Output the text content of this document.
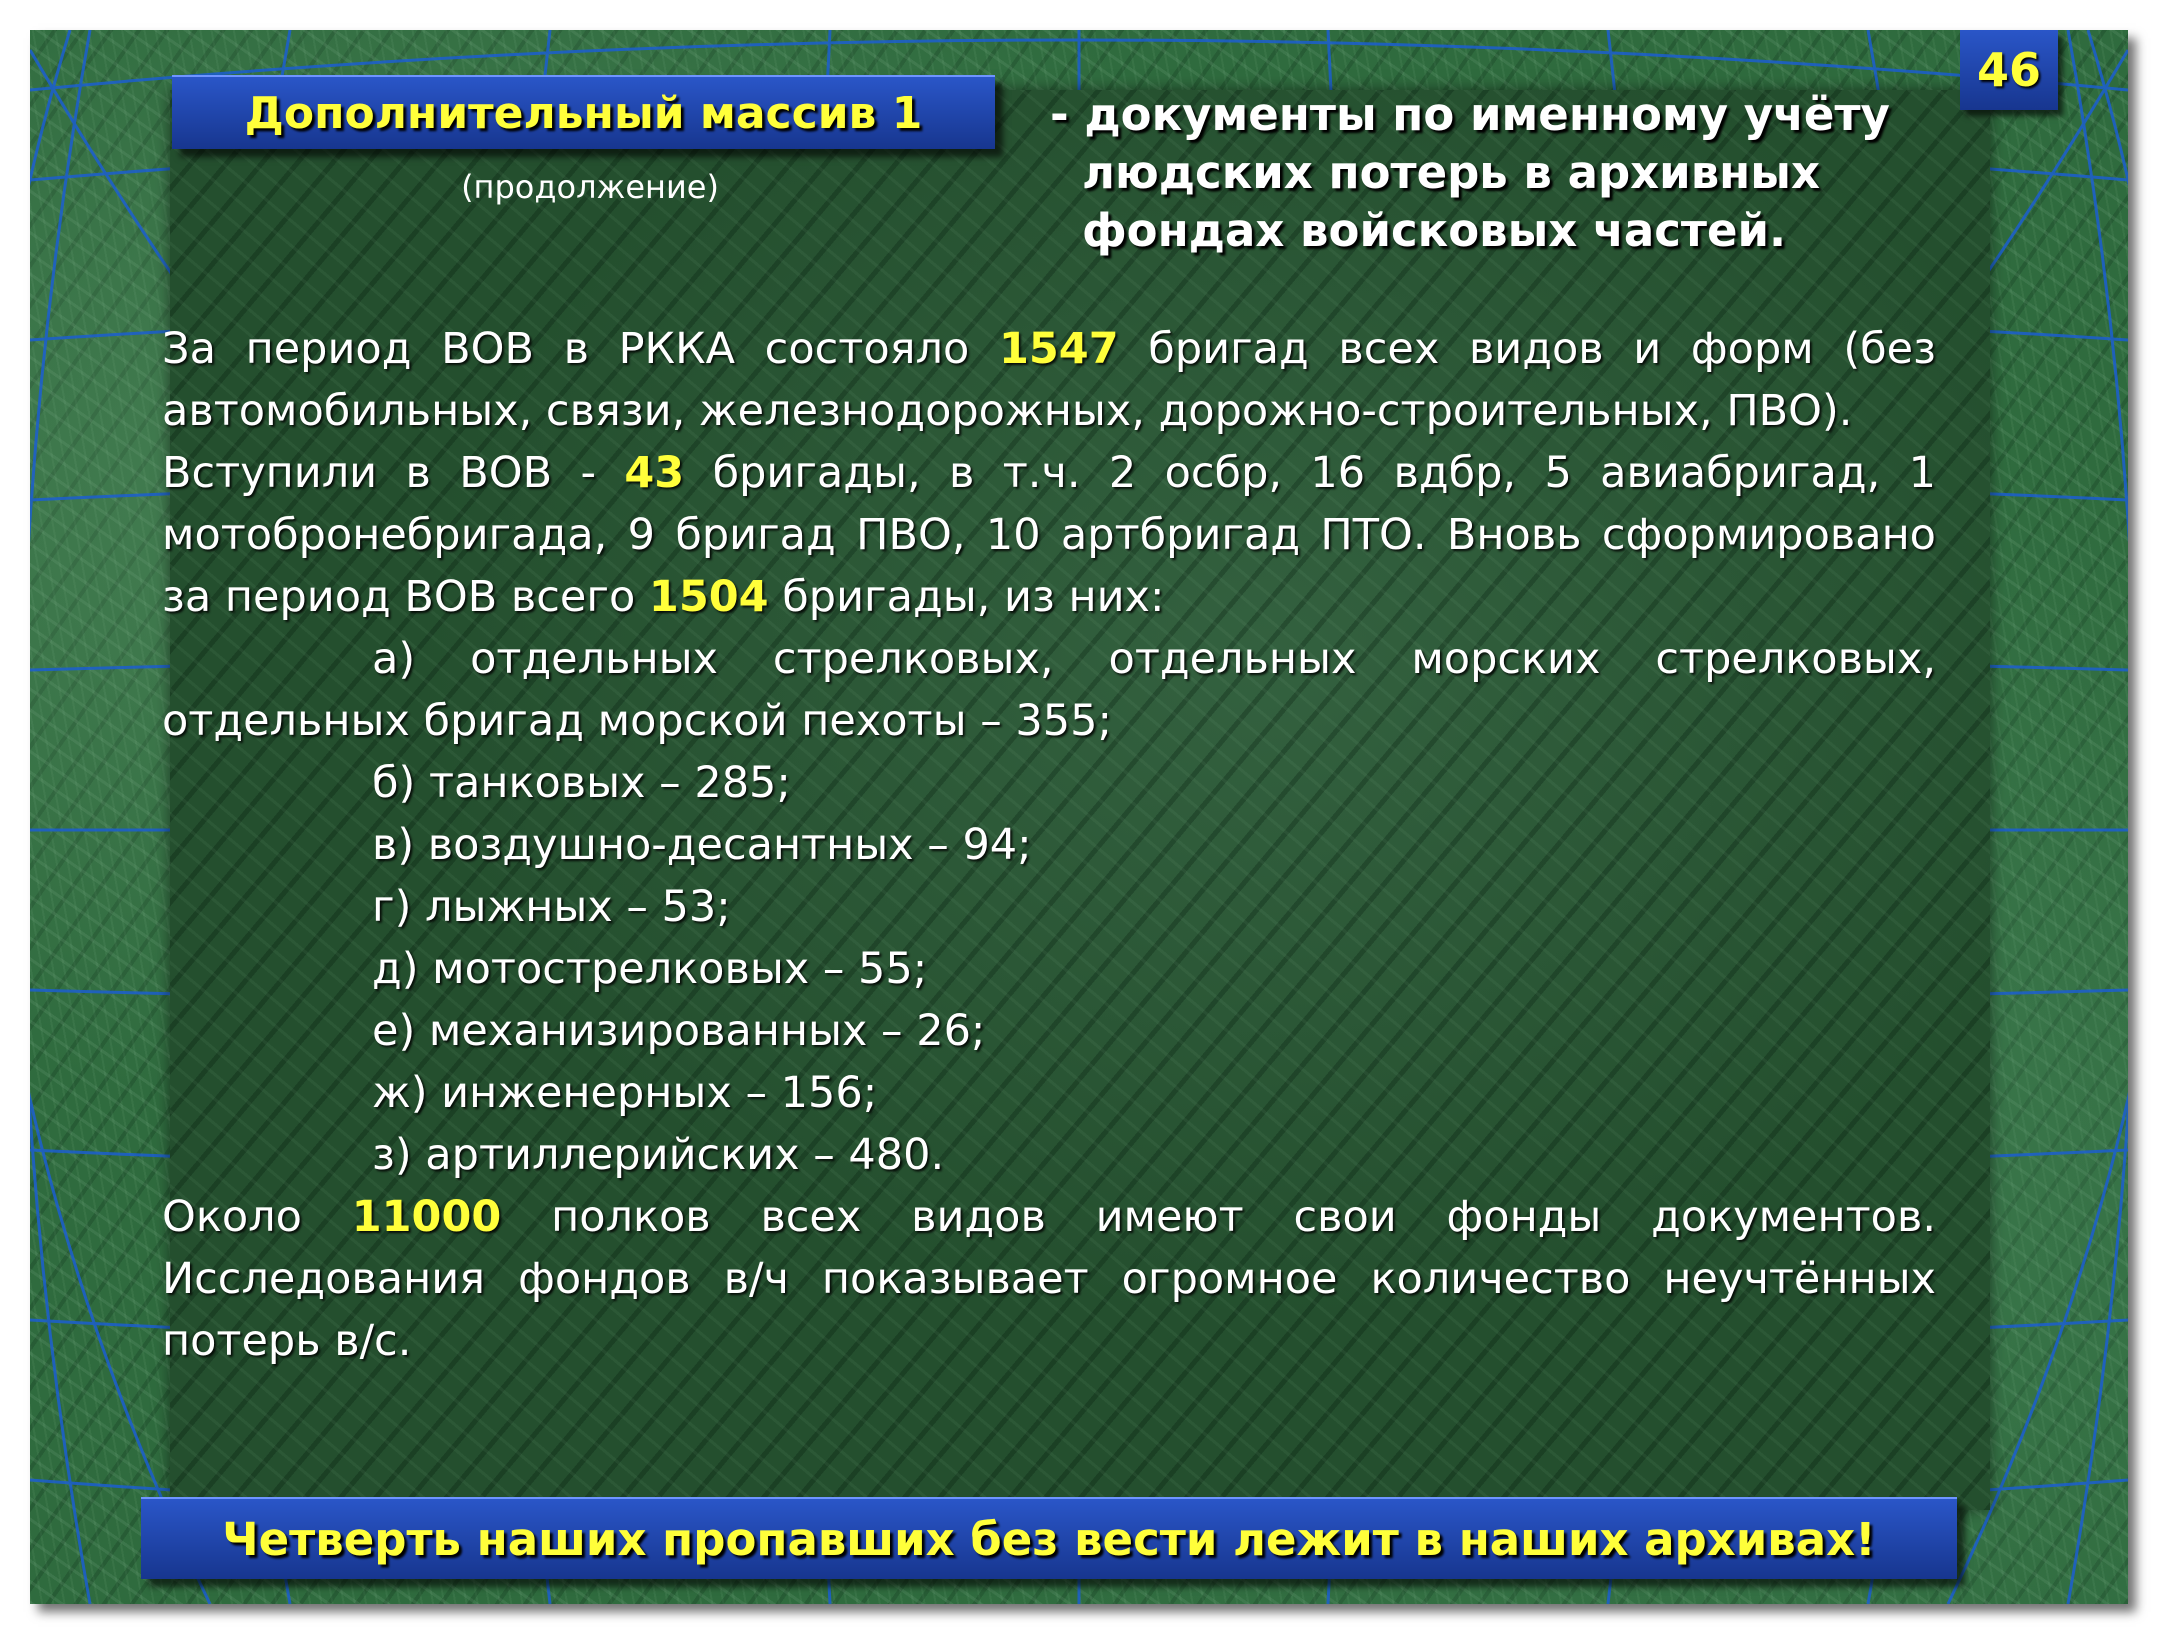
Дополнительный массив 1
(продолжение)
- документы по именному учёту
людских потерь в архивных
фондах войсковых частей.
46

За период ВОВ в РККА состояло 1547 бригад всех видов и форм (без автомобильных, связи, железнодорожных, дорожно-строительных, ПВО).

Вступили в ВОВ - 43 бригады, в т.ч. 2 осбр, 16 вдбр, 5 авиабригад, 1 мотобронебригада, 9 бригад ПВО, 10 артбригад ПТО. Вновь сформировано за период ВОВ всего 1504 бригады, из них:

а) отдельных стрелковых, отдельных морских стрелковых, отдельных бригад морской пехоты – 355;

б) танковых – 285;

в) воздушно-десантных – 94;

г) лыжных – 53;

д) мотострелковых – 55;

е) механизированных – 26;

ж) инженерных – 156;

з) артиллерийских – 480.

Около 11000 полков всех видов имеют свои фонды документов. Исследования фондов в/ч показывает огромное количество неучтённых потерь в/с.

Четверть наших пропавших без вести лежит в наших архивах!
